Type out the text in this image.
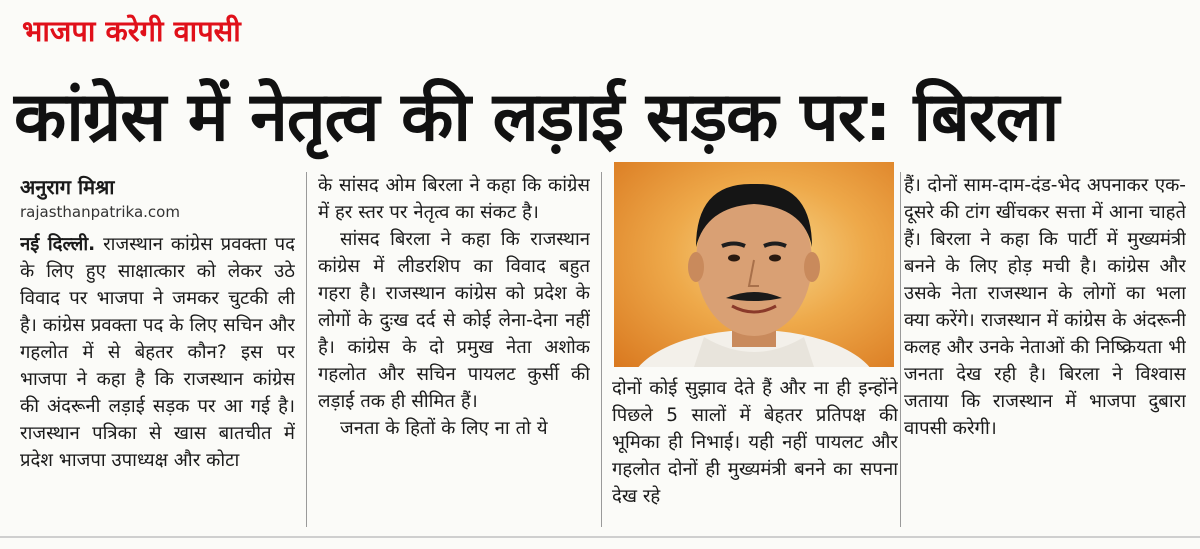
भाजपा करेगी वापसी
कांग्रेस में नेतृत्व की लड़ाई सड़क पर: बिरला
अनुराग मिश्रा
rajasthanpatrika.com

नई दिल्ली. राजस्थान कांग्रेस प्रवक्ता पद के लिए हुए साक्षात्कार को लेकर उठे विवाद पर भाजपा ने जमकर चुटकी ली है। कांग्रेस प्रवक्ता पद के लिए सचिन और गहलोत में से बेहतर कौन? इस पर भाजपा ने कहा है कि राजस्थान कांग्रेस की अंदरूनी लड़ाई सड़क पर आ गई है। राजस्थान पत्रिका से खास बातचीत में प्रदेश भाजपा उपाध्यक्ष और कोटा

के सांसद ओम बिरला ने कहा कि कांग्रेस में हर स्तर पर नेतृत्व का संकट है।

सांसद बिरला ने कहा कि राजस्थान कांग्रेस में लीडरशिप का विवाद बहुत गहरा है। राजस्थान कांग्रेस को प्रदेश के लोगों के दुःख दर्द से कोई लेना-देना नहीं है। कांग्रेस के दो प्रमुख नेता अशोक गहलोत और सचिन पायलट कुर्सी की लड़ाई तक ही सीमित हैं।

जनता के हितों के लिए ना तो ये

दोनों कोई सुझाव देते हैं और ना ही इन्होंने पिछले 5 सालों में बेहतर प्रतिपक्ष की भूमिका ही निभाई। यही नहीं पायलट और गहलोत दोनों ही मुख्यमंत्री बनने का सपना देख रहे

हैं। दोनों साम-दाम-दंड-भेद अपनाकर एक-दूसरे की टांग खींचकर सत्ता में आना चाहते हैं। बिरला ने कहा कि पार्टी में मुख्यमंत्री बनने के लिए होड़ मची है। कांग्रेस और उसके नेता राजस्थान के लोगों का भला क्या करेंगे। राजस्थान में कांग्रेस के अंदरूनी कलह और उनके नेताओं की निष्क्रियता भी जनता देख रही है। बिरला ने विश्वास जताया कि राजस्थान में भाजपा दुबारा वापसी करेगी।
